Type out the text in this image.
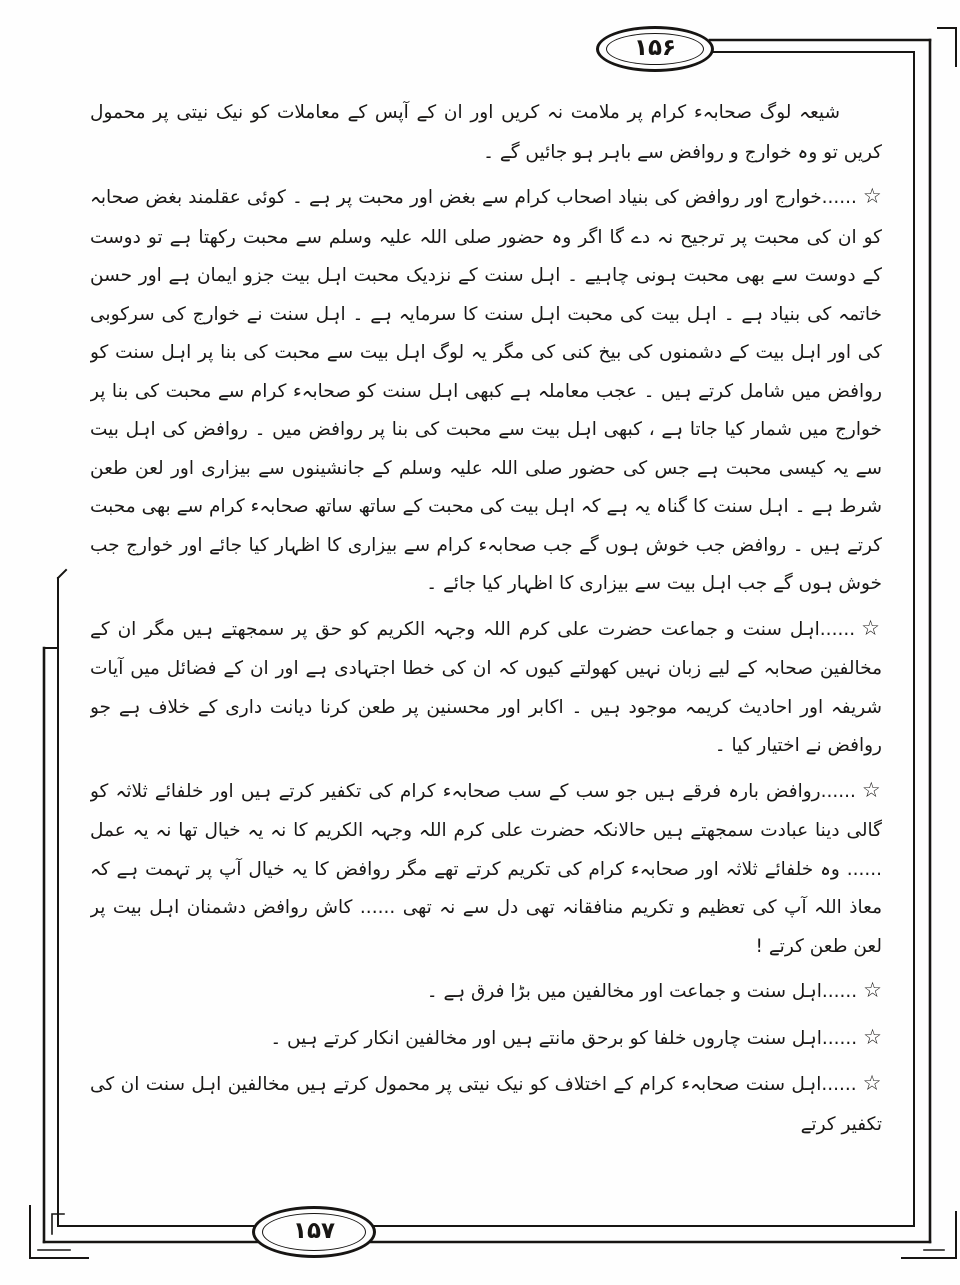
۱۵۶
۱۵۷

شیعہ لوگ صحابہء کرام پر ملامت نہ کریں اور ان کے آپس کے معاملات کو نیک نیتی پر محمول کریں تو وہ خوارج و روافض سے باہر ہو جائیں گے ۔

☆......خوارج اور روافض کی بنیاد اصحاب کرام سے بغض اور محبت پر ہے ۔ کوئی عقلمند بغض صحابہ کو ان کی محبت پر ترجیح نہ دے گا اگر وہ حضور صلی اللہ علیہ وسلم سے محبت رکھتا ہے تو دوست کے دوست سے بھی محبت ہونی چاہیے ۔ اہل سنت کے نزدیک محبت اہل بیت جزو ایمان ہے اور حسن خاتمہ کی بنیاد ہے ۔ اہل بیت کی محبت اہل سنت کا سرمایہ ہے ۔ اہل سنت نے خوارج کی سرکوبی کی اور اہل بیت کے دشمنوں کی بیخ کنی کی مگر یہ لوگ اہل بیت سے محبت کی بنا پر اہل سنت کو روافض میں شامل کرتے ہیں ۔ عجب معاملہ ہے کبھی اہل سنت کو صحابہء کرام سے محبت کی بنا پر خوارج میں شمار کیا جاتا ہے ، کبھی اہل بیت سے محبت کی بنا پر روافض میں ۔ روافض کی اہل بیت سے یہ کیسی محبت ہے جس کی حضور صلی اللہ علیہ وسلم کے جانشینوں سے بیزاری اور لعن طعن شرط ہے ۔ اہل سنت کا گناہ یہ ہے کہ اہل بیت کی محبت کے ساتھ ساتھ صحابہء کرام سے بھی محبت کرتے ہیں ۔ روافض جب خوش ہوں گے جب صحابہء کرام سے بیزاری کا اظہار کیا جائے اور خوارج جب خوش ہوں گے جب اہل بیت سے بیزاری کا اظہار کیا جائے ۔

☆......اہل سنت و جماعت حضرت علی کرم اللہ وجہہ الکریم کو حق پر سمجھتے ہیں مگر ان کے مخالفین صحابہ کے لیے زبان نہیں کھولتے کیوں کہ ان کی خطا اجتہادی ہے اور ان کے فضائل میں آیات شریفہ اور احادیث کریمہ موجود ہیں ۔ اکابر اور محسنین پر طعن کرنا دیانت داری کے خلاف ہے جو روافض نے اختیار کیا ۔

☆......روافض بارہ فرقے ہیں جو سب کے سب صحابہء کرام کی تکفیر کرتے ہیں اور خلفائے ثلاثہ کو گالی دینا عبادت سمجھتے ہیں حالانکہ حضرت علی کرم اللہ وجہہ الکریم کا نہ یہ خیال تھا نہ یہ عمل ...... وہ خلفائے ثلاثہ اور صحابہء کرام کی تکریم کرتے تھے مگر روافض کا یہ خیال آپ پر تہمت ہے کہ معاذ اللہ آپ کی تعظیم و تکریم منافقانہ تھی دل سے نہ تھی ...... کاش روافض دشمنان اہل بیت پر لعن طعن کرتے !

☆......اہل سنت و جماعت اور مخالفین میں بڑا فرق ہے ۔

☆......اہل سنت چاروں خلفا کو برحق مانتے ہیں اور مخالفین انکار کرتے ہیں ۔

☆......اہل سنت صحابہء کرام کے اختلاف کو نیک نیتی پر محمول کرتے ہیں مخالفین اہل سنت ان کی تکفیر کرتے
